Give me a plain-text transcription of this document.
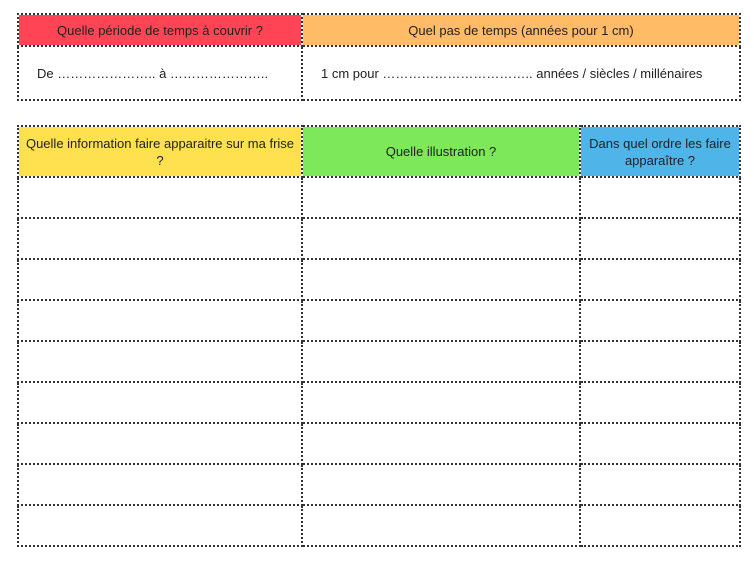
Quelle période de temps à couvrir ?	Quel pas de temps (années pour 1 cm)
De ………………….. à …………………..	1 cm pour …………………………….. années / siècles / millénaires
Quelle information faire apparaitre sur ma frise ?	Quelle illustration ?	Dans quel ordre les faire apparaître ?
